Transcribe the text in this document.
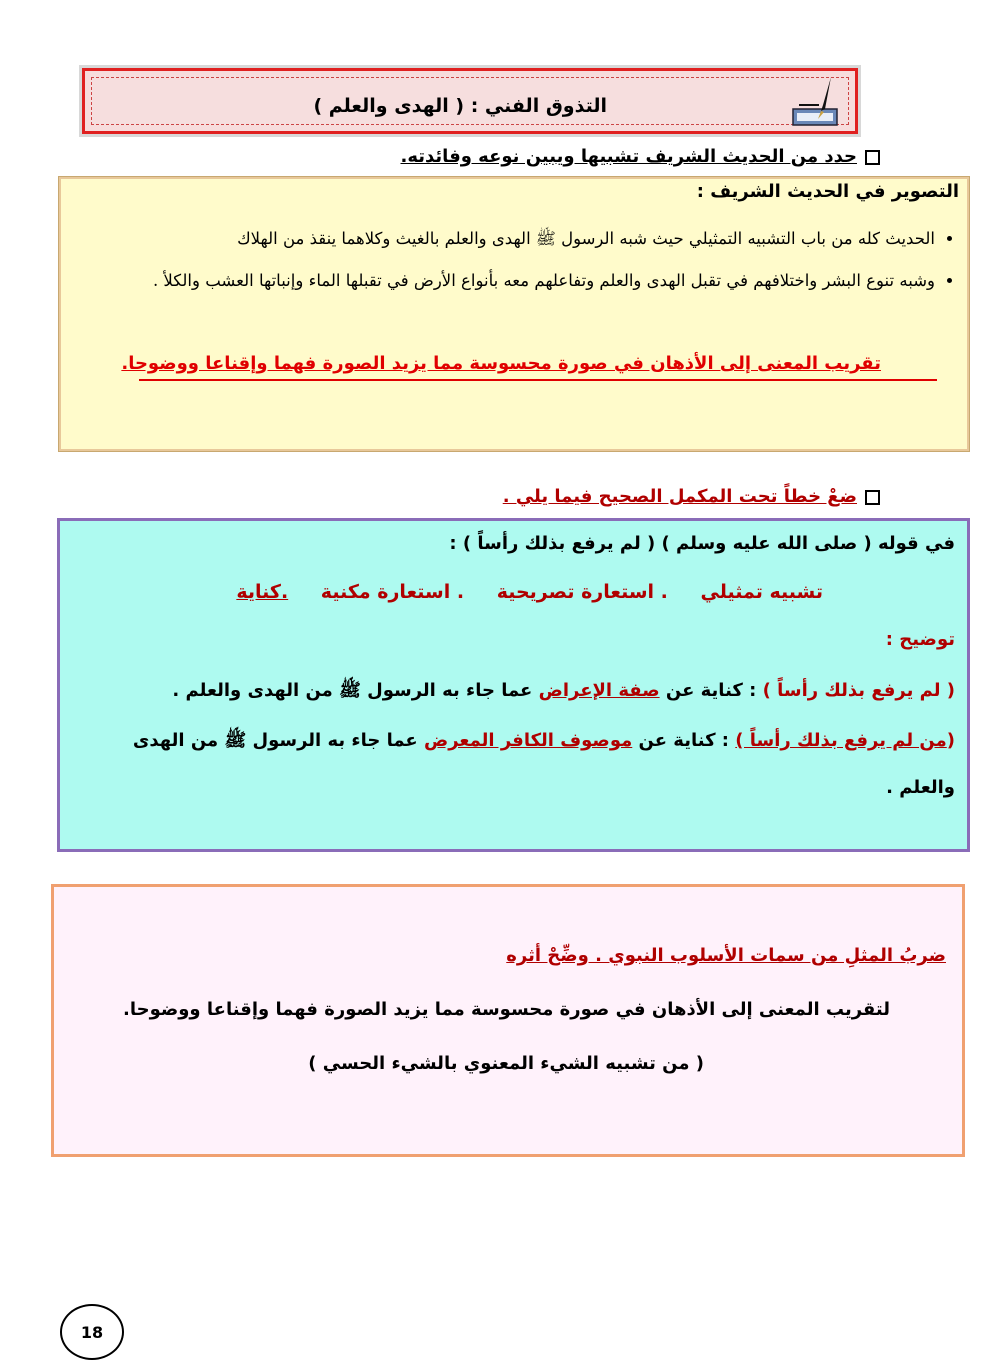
التذوق الفني : ( الهدى والعلم )
حدد من الحديث الشريف تشبيها ويبين نوعه وفائدته.
التصوير في الحديث الشريف :
• الحديث كله من باب التشبيه التمثيلي حيث شبه الرسول ﷺ الهدى والعلم بالغيث وكلاهما ينقذ من الهلاك
• وشبه تنوع البشر واختلافهم في تقبل الهدى والعلم وتفاعلهم معه بأنواع الأرض في تقبلها الماء وإنباتها العشب والكلأ .
تقريب المعنى إلى الأذهان في صورة محسوسة مما يزيد الصورة فهما وإقناعا ووضوحا.
ضعْ خطاً تحت المكمل الصحيح فيما يلي .
في قوله ( صلى الله عليه وسلم ) ( لم يرفع بذلك رأساً ) :
تشبيه تمثيلي . استعارة تصريحية . استعارة مكنية .كناية
توضيح :
( لم يرفع بذلك رأساً ) : كناية عن صفة الإعراض عما جاء به الرسول ﷺ من الهدى والعلم .
(من لم يرفع بذلك رأساً ) : كناية عن موصوف الكافر المعرض عما جاء به الرسول ﷺ من الهدى
والعلم .
ضربُ المثلِ من سمات الأسلوب النبوي . وضِّحْ أثره
لتقريب المعنى إلى الأذهان في صورة محسوسة مما يزيد الصورة فهما وإقناعا ووضوحا.
( من تشبيه الشيء المعنوي بالشيء الحسي )
18
